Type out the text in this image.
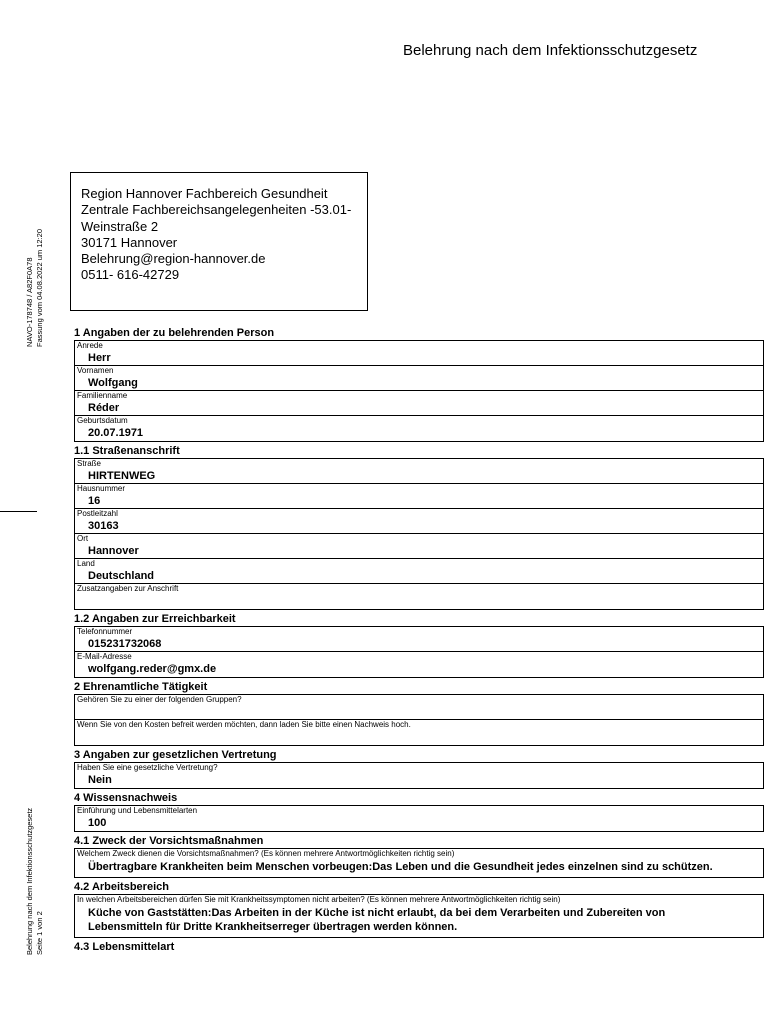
Belehrung nach dem Infektionsschutzgesetz
NAVO-178748 / A82F0A78 Fassung vom 04.08.2022 um 12:20
Belehrung nach dem Infektionsschutzgesetz Seite 1 von 2
Region Hannover Fachbereich Gesundheit
Zentrale Fachbereichsangelegenheiten -53.01-
Weinstraße 2
30171 Hannover
Belehrung@region-hannover.de
0511- 616-42729
1 Angaben der zu belehrenden Person
Anrede
Herr
Vornamen
Wolfgang
Familienname
Réder
Geburtsdatum
20.07.1971
1.1 Straßenanschrift
Straße
HIRTENWEG
Hausnummer
16
Postleitzahl
30163
Ort
Hannover
Land
Deutschland
Zusatzangaben zur Anschrift
1.2 Angaben zur Erreichbarkeit
Telefonnummer
015231732068
E-Mail-Adresse
wolfgang.reder@gmx.de
2 Ehrenamtliche Tätigkeit
Gehören Sie zu einer der folgenden Gruppen?
Wenn Sie von den Kosten befreit werden möchten, dann laden Sie bitte einen Nachweis hoch.
3 Angaben zur gesetzlichen Vertretung
Haben Sie eine gesetzliche Vertretung?
Nein
4 Wissensnachweis
Einführung und Lebensmittelarten
100
4.1 Zweck der Vorsichtsmaßnahmen
Welchem Zweck dienen die Vorsichtsmaßnahmen? (Es können mehrere Antwortmöglichkeiten richtig sein)
Übertragbare Krankheiten beim Menschen vorbeugen:Das Leben und die Gesundheit jedes einzelnen sind zu schützen.
4.2 Arbeitsbereich
In welchen Arbeitsbereichen dürfen Sie mit Krankheitssymptomen nicht arbeiten? (Es können mehrere Antwortmöglichkeiten richtig sein)
Küche von Gaststätten:Das Arbeiten in der Küche ist nicht erlaubt, da bei dem Verarbeiten und Zubereiten von Lebensmitteln für Dritte Krankheitserreger übertragen werden können.
4.3 Lebensmittelart
